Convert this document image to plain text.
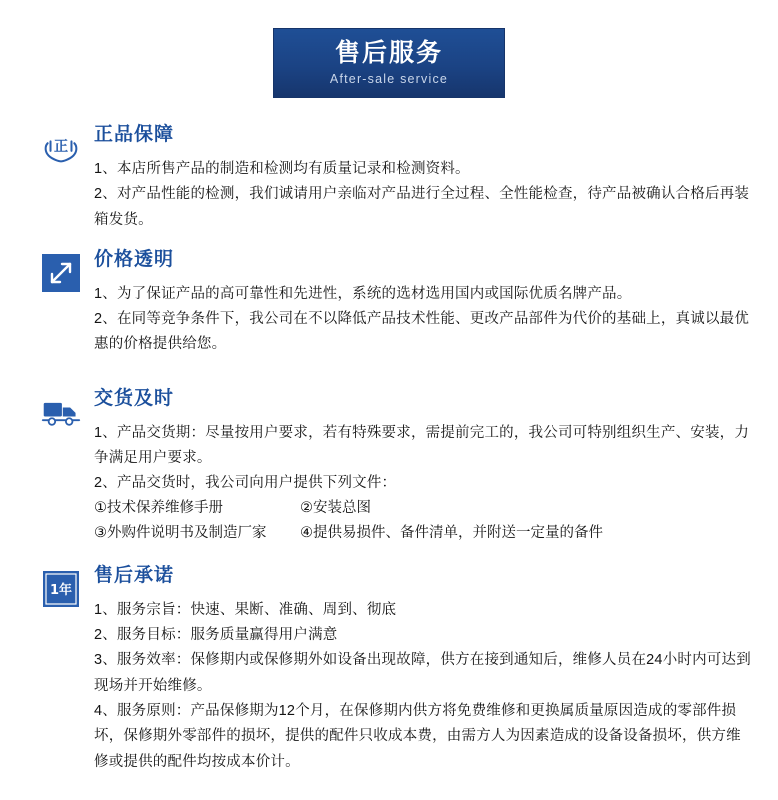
售后服务
After-sale service
正
正品保障

1、本店所售产品的制造和检测均有质量记录和检测资料。

2、对产品性能的检测，我们诚请用户亲临对产品进行全过程、全性能检查，待产品被确认合格后再装箱发货。

价格透明

1、为了保证产品的高可靠性和先进性，系统的选材选用国内或国际优质名牌产品。

2、在同等竞争条件下，我公司在不以降低产品技术性能、更改产品部件为代价的基础上，真诚以最优惠的价格提供给您。

交货及时

1、产品交货期：尽量按用户要求，若有特殊要求，需提前完工的，我公司可特别组织生产、安装，力争满足用户要求。

2、产品交货时，我公司向用户提供下列文件：

①技术保养维修手册	②安装总图
③外购件说明书及制造厂家	④提供易损件、备件清单，并附送一定量的备件
1年
售后承诺

1、服务宗旨：快速、果断、准确、周到、彻底

2、服务目标：服务质量赢得用户满意

3、服务效率：保修期内或保修期外如设备出现故障，供方在接到通知后，维修人员在24小时内可达到现场并开始维修。

4、服务原则：产品保修期为12个月，在保修期内供方将免费维修和更换属质量原因造成的零部件损坏，保修期外零部件的损坏，提供的配件只收成本费，由需方人为因素造成的设备设备损坏，供方维修或提供的配件均按成本价计。
